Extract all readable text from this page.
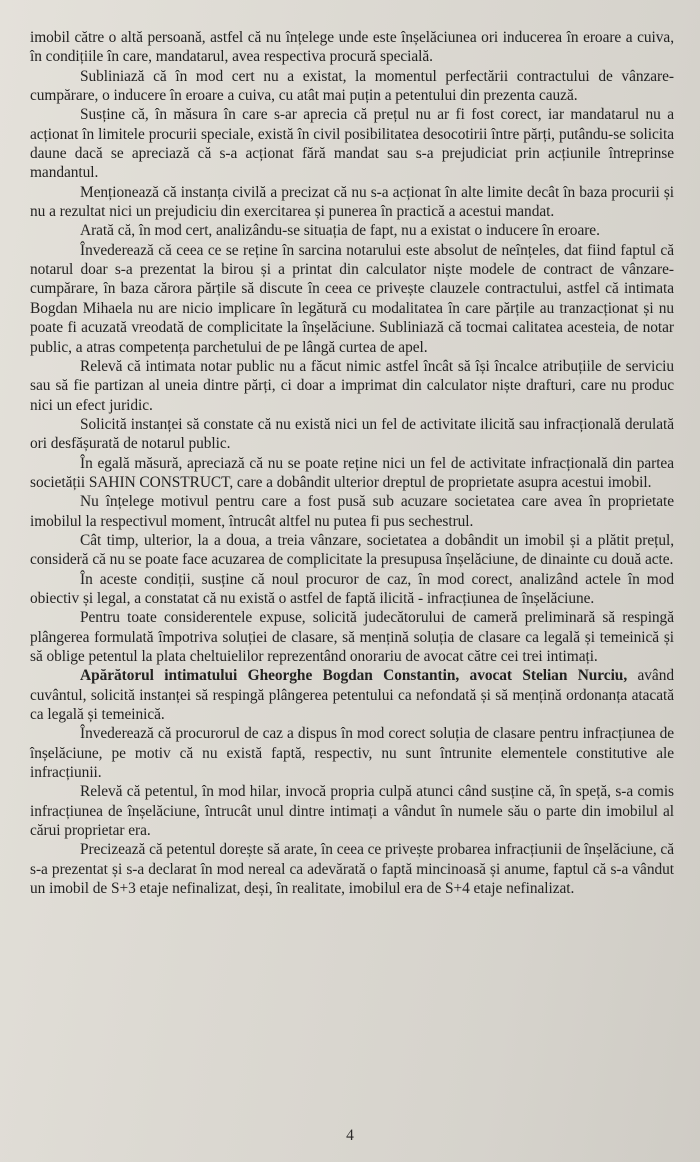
imobil către o altă persoană, astfel că nu înțelege unde este înșelăciunea ori inducerea în eroare a cuiva, în condițiile în care, mandatarul, avea respectiva procură specială.

Subliniază că în mod cert nu a existat, la momentul perfectării contractului de vânzare-cumpărare, o inducere în eroare a cuiva, cu atât mai puțin a petentului din prezenta cauză.

Susține că, în măsura în care s-ar aprecia că prețul nu ar fi fost corect, iar mandatarul nu a acționat în limitele procurii speciale, există în civil posibilitatea desocotirii între părți, putându-se solicita daune dacă se apreciază că s-a acționat fără mandat sau s-a prejudiciat prin acțiunile întreprinse mandantul.

Menționează că instanța civilă a precizat că nu s-a acționat în alte limite decât în baza procurii și nu a rezultat nici un prejudiciu din exercitarea și punerea în practică a acestui mandat.

Arată că, în mod cert, analizându-se situația de fapt, nu a existat o inducere în eroare.

Învederează că ceea ce se reține în sarcina notarului este absolut de neînțeles, dat fiind faptul că notarul doar s-a prezentat la birou și a printat din calculator niște modele de contract de vânzare-cumpărare, în baza cărora părțile să discute în ceea ce privește clauzele contractului, astfel că intimata Bogdan Mihaela nu are nicio implicare în legătură cu modalitatea în care părțile au tranzacționat și nu poate fi acuzată vreodată de complicitate la înșelăciune. Subliniază că tocmai calitatea acesteia, de notar public, a atras competența parchetului de pe lângă curtea de apel.

Relevă că intimata notar public nu a făcut nimic astfel încât să își încalce atribuțiile de serviciu sau să fie partizan al uneia dintre părți, ci doar a imprimat din calculator niște drafturi, care nu produc nici un efect juridic.

Solicită instanței să constate că nu există nici un fel de activitate ilicită sau infracțională derulată ori desfășurată de notarul public.

În egală măsură, apreciază că nu se poate reține nici un fel de activitate infracțională din partea societății SAHIN CONSTRUCT, care a dobândit ulterior dreptul de proprietate asupra acestui imobil.

Nu înțelege motivul pentru care a fost pusă sub acuzare societatea care avea în proprietate imobilul la respectivul moment, întrucât altfel nu putea fi pus sechestrul.

Cât timp, ulterior, la a doua, a treia vânzare, societatea a dobândit un imobil și a plătit prețul, consideră că nu se poate face acuzarea de complicitate la presupusa înșelăciune, de dinainte cu două acte.

În aceste condiții, susține că noul procuror de caz, în mod corect, analizând actele în mod obiectiv și legal, a constatat că nu există o astfel de faptă ilicită - infracțiunea de înșelăciune.

Pentru toate considerentele expuse, solicită judecătorului de cameră preliminară să respingă plângerea formulată împotriva soluției de clasare, să mențină soluția de clasare ca legală și temeinică și să oblige petentul la plata cheltuielilor reprezentând onorariu de avocat către cei trei intimați.

Apărătorul intimatului Gheorghe Bogdan Constantin, avocat Stelian Nurciu, având cuvântul, solicită instanței să respingă plângerea petentului ca nefondată și să mențină ordonanța atacată ca legală și temeinică.

Învederează că procurorul de caz a dispus în mod corect soluția de clasare pentru infracțiunea de înșelăciune, pe motiv că nu există faptă, respectiv, nu sunt întrunite elementele constitutive ale infracțiunii.

Relevă că petentul, în mod hilar, invocă propria culpă atunci când susține că, în speță, s-a comis infracțiunea de înșelăciune, întrucât unul dintre intimați a vândut în numele său o parte din imobilul al cărui proprietar era.

Precizează că petentul dorește să arate, în ceea ce privește probarea infracțiunii de înșelăciune, că s-a prezentat și s-a declarat în mod nereal ca adevărată o faptă mincinoasă și anume, faptul că s-a vândut un imobil de S+3 etaje nefinalizat, deși, în realitate, imobilul era de S+4 etaje nefinalizat.

4
